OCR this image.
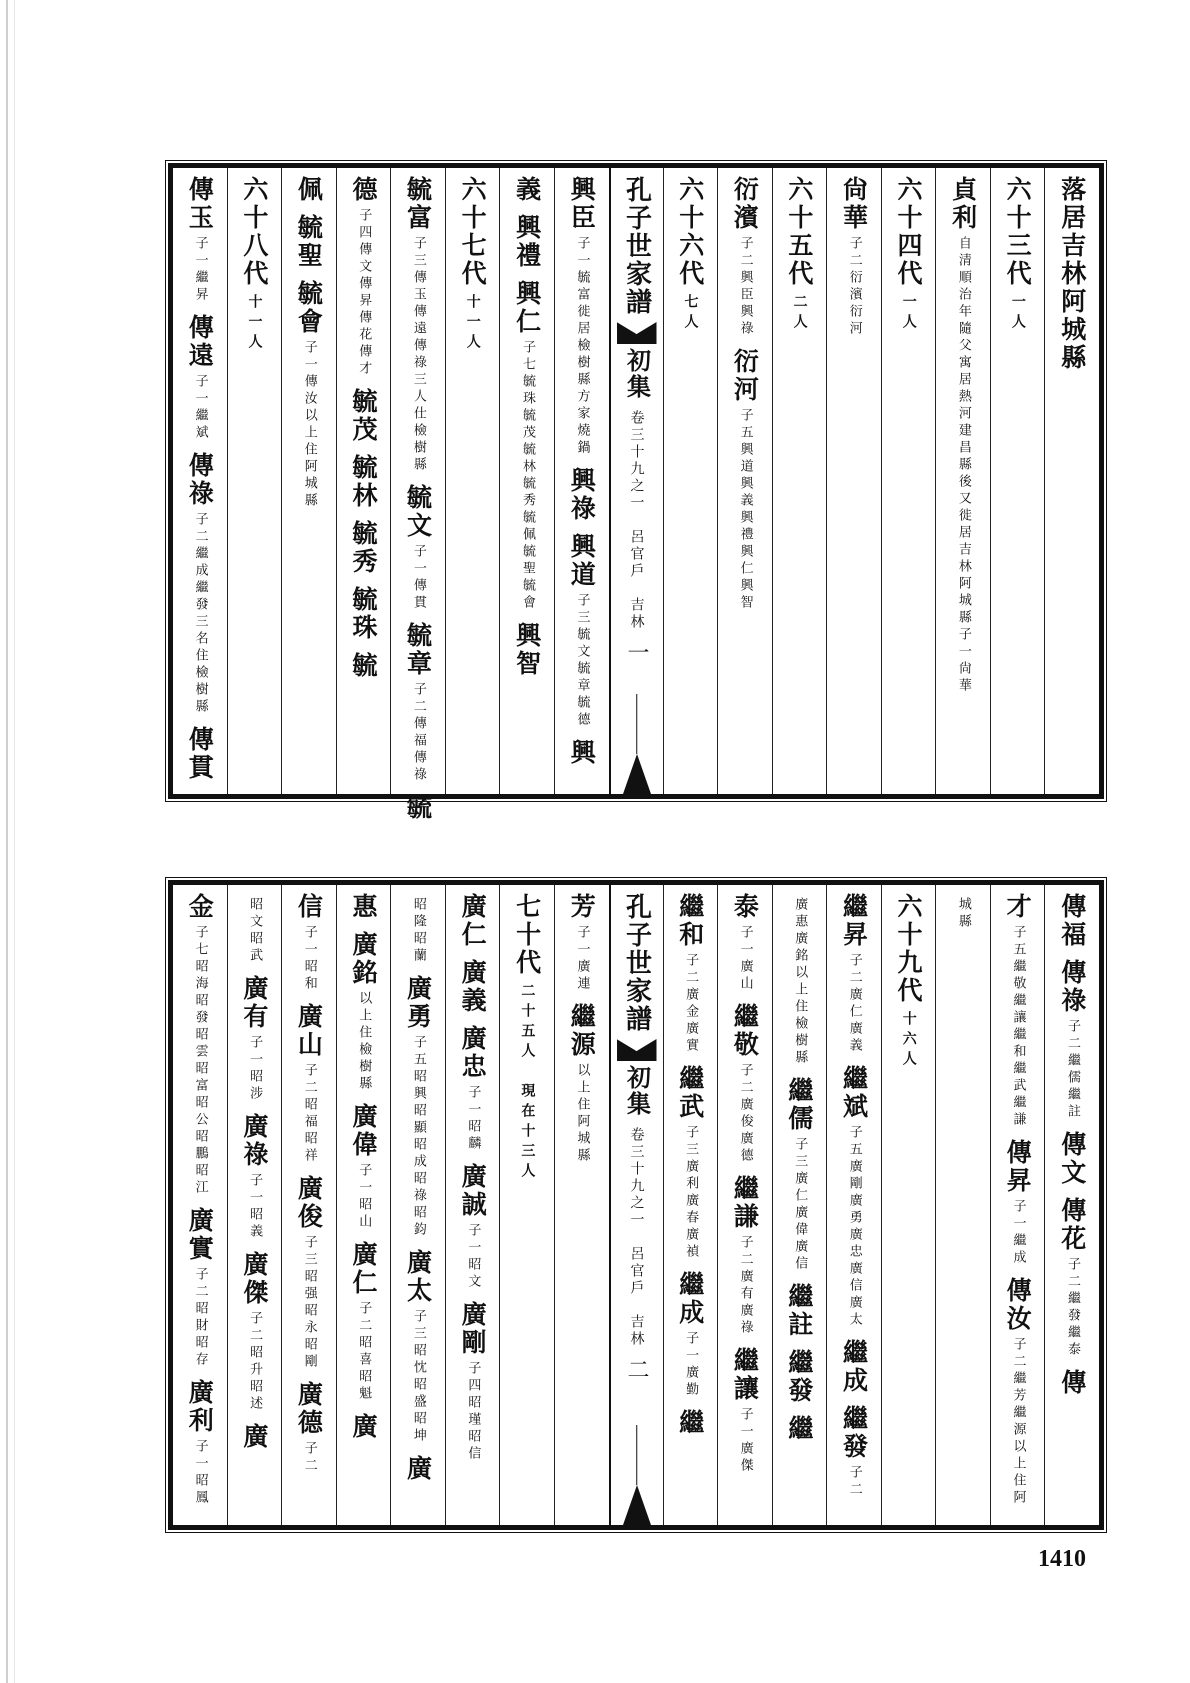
落居吉林阿城縣
六十三代
一人
貞利
自清順治年隨父寓居熱河建昌縣後又徙居吉林阿城縣子一尙華
六十四代
一人
尙華
子二衍濱衍河
六十五代
二人
衍濱
子二興臣興祿
衍河
子五興道興義興禮興仁興智
六十六代
七人
孔子世家譜
初集
卷三十九之一　呂官戶　吉林
一
興臣
子一毓富徙居檢樹縣方家燒鍋
興祿
興道
子三毓文毓章毓德
興
義
興禮
興仁
子七毓珠毓茂毓林毓秀毓佩毓聖毓會
興智
六十七代
十一人
毓富
子三傳玉傳遠傳祿三人仕檢樹縣
毓文
子一傳貫
毓章
子二傳福傳祿
毓
德
子四傳文傳昇傳花傳才
毓茂
毓林
毓秀
毓珠
毓
佩
毓聖
毓會
子一傳汝以上住阿城縣
六十八代
十一人
傳玉
子一繼昇
傳遠
子一繼斌
傳祿
子二繼成繼發三名住檢樹縣
傳貫
傳福
傳祿
子二繼儒繼註
傳文
傳花
子二繼發繼泰
傳
才
子五繼敬繼讓繼和繼武繼謙
傳昇
子一繼成
傳汝
子二繼芳繼源以上住阿
城縣
六十九代
十六人
繼昇
子二廣仁廣義
繼斌
子五廣剛廣勇廣忠廣信廣太
繼成
繼發
子二
廣惠廣銘以上住檢樹縣
繼儒
子三廣仁廣偉廣信
繼註
繼發
繼
泰
子一廣山
繼敬
子二廣俊廣德
繼謙
子二廣有廣祿
繼讓
子一廣傑
繼和
子二廣金廣實
繼武
子三廣利廣春廣禎
繼成
子一廣勤
繼
孔子世家譜
初集
卷三十九之一　呂官戶　吉林
二
芳
子一廣連
繼源
以上住阿城縣
七十代
二十五人　現在十三人
廣仁
廣義
廣忠
子一昭麟
廣誠
子一昭文
廣剛
子四昭瑾昭信
昭隆昭蘭
廣勇
子五昭興昭顯昭成昭祿昭鈞
廣太
子三昭忱昭盛昭坤
廣
惠
廣銘
以上住檢樹縣
廣偉
子一昭山
廣仁
子二昭喜昭魁
廣
信
子一昭和
廣山
子二昭福昭祥
廣俊
子三昭强昭永昭剛
廣德
子二
昭文昭武
廣有
子一昭涉
廣祿
子一昭義
廣傑
子二昭升昭述
廣
金
子七昭海昭發昭雲昭富昭公昭鵬昭江
廣實
子二昭財昭存
廣利
子一昭鳳
1410
